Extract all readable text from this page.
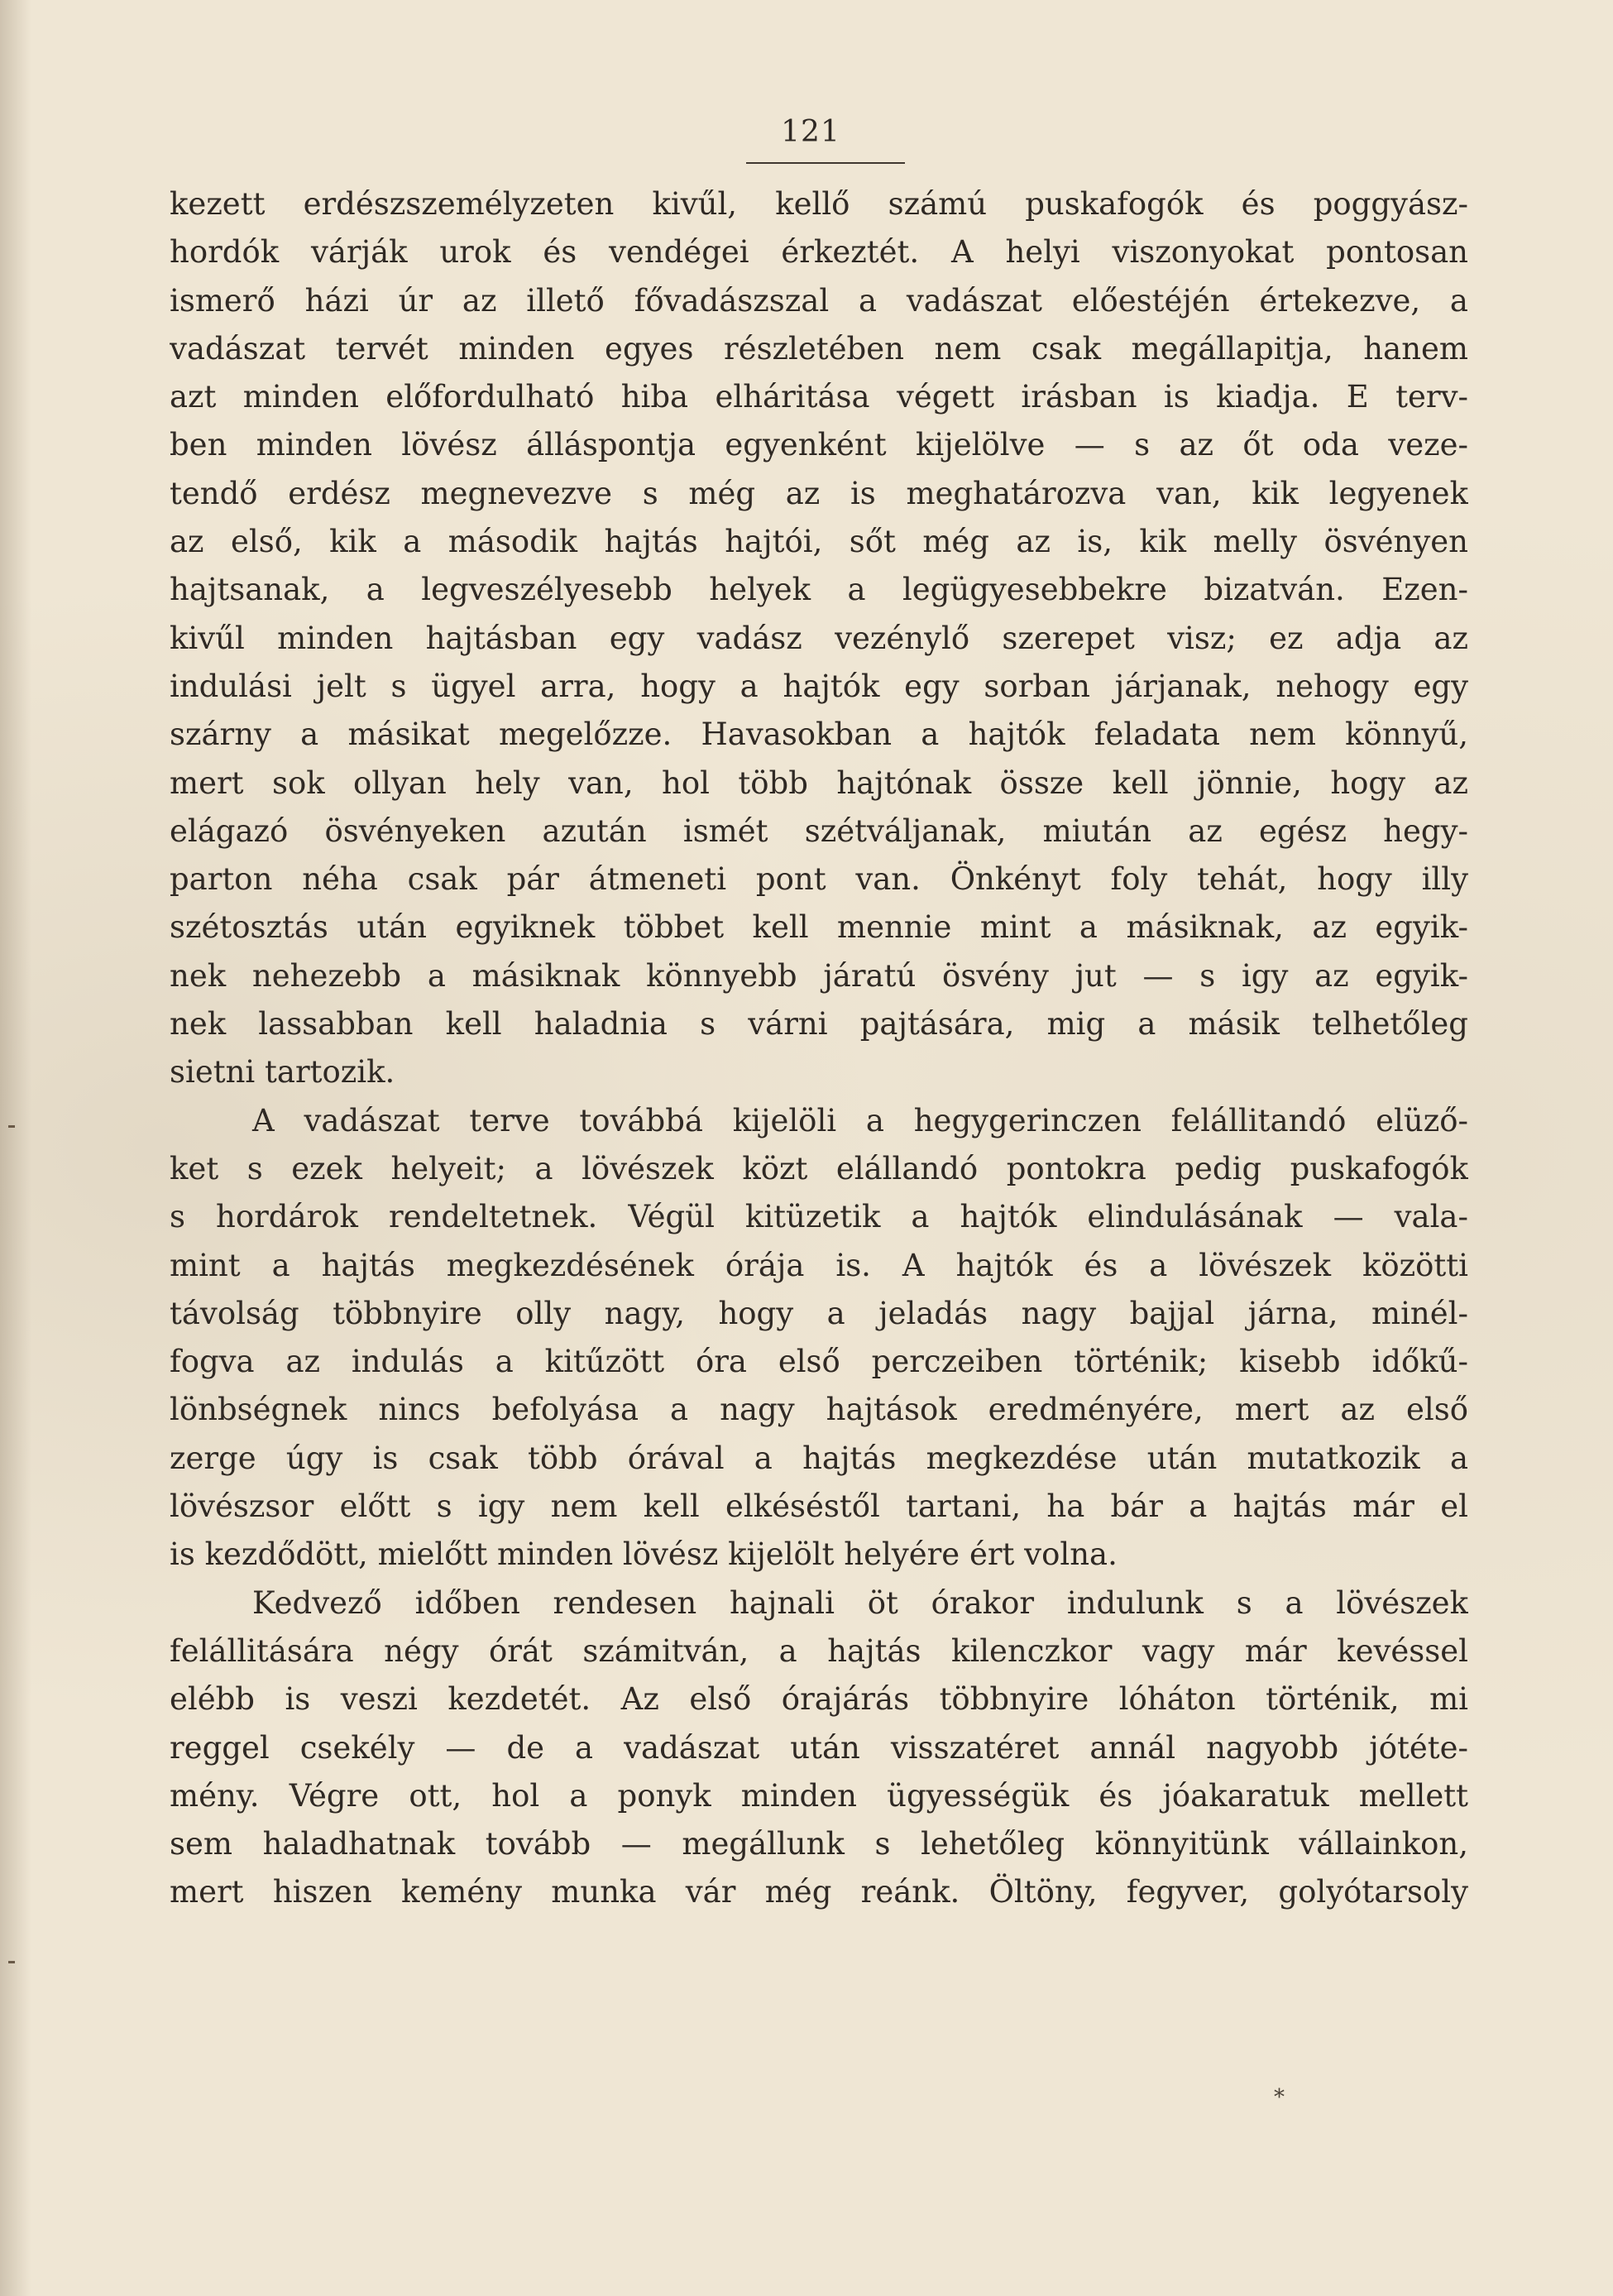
121
kezett erdészszemélyzeten kivűl, kellő számú puskafogók és poggyász-
hordók várják urok és vendégei érkeztét. A helyi viszonyokat pontosan
ismerő házi úr az illető fővadászszal a vadászat előestéjén értekezve, a
vadászat tervét minden egyes részletében nem csak megállapitja, hanem
azt minden előfordulható hiba elháritása végett irásban is kiadja. E terv-
ben minden lövész álláspontja egyenként kijelölve — s az őt oda veze-
tendő erdész megnevezve s még az is meghatározva van, kik legyenek
az első, kik a második hajtás hajtói, sőt még az is, kik melly ösvényen
hajtsanak, a legveszélyesebb helyek a legügyesebbekre bizatván. Ezen-
kivűl minden hajtásban egy vadász vezénylő szerepet visz; ez adja az
indulási jelt s ügyel arra, hogy a hajtók egy sorban járjanak, nehogy egy
szárny a másikat megelőzze. Havasokban a hajtók feladata nem könnyű,
mert sok ollyan hely van, hol több hajtónak össze kell jönnie, hogy az
elágazó ösvényeken azután ismét szétváljanak, miután az egész hegy-
parton néha csak pár átmeneti pont van. Önkényt foly tehát, hogy illy
szétosztás után egyiknek többet kell mennie mint a másiknak, az egyik-
nek nehezebb a másiknak könnyebb járatú ösvény jut — s igy az egyik-
nek lassabban kell haladnia s várni pajtására, mig a másik telhetőleg
sietni tartozik.
A vadászat terve továbbá kijelöli a hegygerinczen felállitandó elüző-
ket s ezek helyeit; a lövészek közt elállandó pontokra pedig puskafogók
s hordárok rendeltetnek. Végül kitüzetik a hajtók elindulásának — vala-
mint a hajtás megkezdésének órája is. A hajtók és a lövészek közötti
távolság többnyire olly nagy, hogy a jeladás nagy bajjal járna, minél-
fogva az indulás a kitűzött óra első perczeiben történik; kisebb időkű-
lönbségnek nincs befolyása a nagy hajtások eredményére, mert az első
zerge úgy is csak több órával a hajtás megkezdése után mutatkozik a
lövészsor előtt s igy nem kell elkéséstől tartani, ha bár a hajtás már el
is kezdődött, mielőtt minden lövész kijelölt helyére ért volna.
Kedvező időben rendesen hajnali öt órakor indulunk s a lövészek
felállitására négy órát számitván, a hajtás kilenczkor vagy már kevéssel
elébb is veszi kezdetét. Az első órajárás többnyire lóháton történik, mi
reggel csekély — de a vadászat után visszatéret annál nagyobb jótéte-
mény. Végre ott, hol a ponyk minden ügyességük és jóakaratuk mellett
sem haladhatnak tovább — megállunk s lehetőleg könnyitünk vállainkon,
mert hiszen kemény munka vár még reánk. Öltöny, fegyver, golyótarsoly
*
